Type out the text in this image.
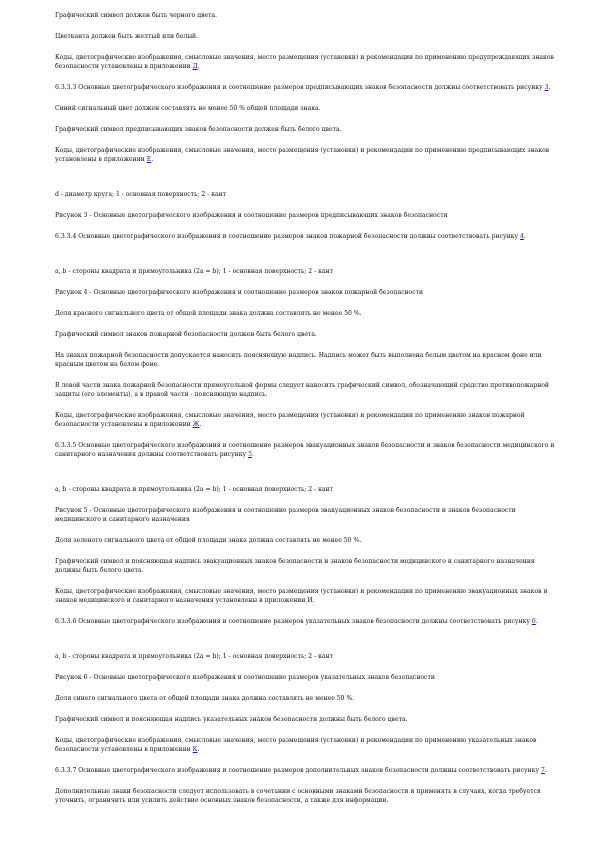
Графический символ должен быть черного цвета.

Цветканта должен быть желтый или белый.

Коды, цветографические изображения, смысловые значения, место размещения (установки) и рекомендации по применению предупреждающих знаков безопасности установлены в приложении Д.

6.3.3.3 Основные цветографического изображения и соотношение размеров предписывающих знаков безопасности должны соответствовать рисунку 3.

Синий сигнальный цвет должен составлять не менее 50 % общей площади знака.

Графический символ предписывающих знаков безопасности должен быть белого цвета.

Коды, цветографические изображения, смысловые значения, место размещения (установки) и рекомендации по применению предписывающих знаков установлены в приложении Е.

d - диаметр круга; 1 - основная поверхность; 2 - кант

Рисунок 3 - Основные цветографического изображения и соотношение размеров предписывающих знаков безопасности

6.3.3.4 Основные цветографического изображения и соотношение размеров знаков пожарной безопасности должны соответствовать рисунку 4.

а, b - стороны квадрата и прямоугольника (2a = b); 1 - основная поверхность; 2 - кант

Рисунок 4 - Основные цветографического изображения и соотношение размеров знаков пожарной безопасности

Доля красного сигнального цвета от общей площади знака должна составлять не менее 50 %.

Графический символ знаков пожарной безопасности должен быть белого цвета.

На знаках пожарной безопасности допускается наносить поясняющую надпись. Надпись может быть выполнена белым цветом на красном фоне или красным цветом на белом фоне.

В левой части знака пожарной безопасности прямоугольной формы следует наносить графический символ, обозначающий средство противопожарной защиты (его элементы), а в правой части - поясняющую надпись.

Коды, цветографические изображения, смысловые значения, место размещения (установки) и рекомендации по применению знаков пожарной безопасности установлены в приложении Ж.

6.3.3.5 Основные цветографического изображения и соотношение размеров эвакуационных знаков безопасности и знаков безопасности медицинского и санитарного назначения должны соответствовать рисунку 5.

а, b - стороны квадрата и прямоугольника (2a = b); 1 - основная поверхность; 2 - кант

Рисунок 5 - Основные цветографического изображения и соотношение размеров эвакуационных знаков безопасности и знаков безопасности медицинского и санитарного назначения

Доля зеленого сигнального цвета от общей площади знака должна составлять не менее 50 %.

Графический символ и поясняющая надпись эвакуационных знаков безопасности и знаков безопасности медицинского и санитарного назначения должны быть белого цвета.

Коды, цветографические изображения, смысловые значения, место размещения (установки) и рекомендации по применению эвакуационных знаков и знаков медицинского и санитарного назначения установлены в приложении И.

6.3.3.6 Основные цветографического изображения и соотношение размеров указательных знаков безопасности должны соответствовать рисунку 6.

а, b - стороны квадрата и прямоугольника (2a = b); 1 - основная поверхность; 2 - кант

Рисунок 6 - Основные цветографического изображения и соотношение размеров указательных знаков безопасности

Доля синего сигнального цвета от общей площади знака должна составлять не менее 50 %.

Графический символ и поясняющая надпись указательных знаков безопасности должны быть белого цвета.

Коды, цветографические изображения, смысловые значения, место размещения (установки) и рекомендации по применению указательных знаков безопасности установлены в приложении К.

6.3.3.7 Основные цветографического изображения и соотношение размеров дополнительных знаков безопасности должны соответствовать рисунку 7.

Дополнительные знаки безопасности следует использовать в сочетании с основными знаками безопасности и применять в случаях, когда требуется уточнить, ограничить или усилить действие основных знаков безопасности, а также для информации.
